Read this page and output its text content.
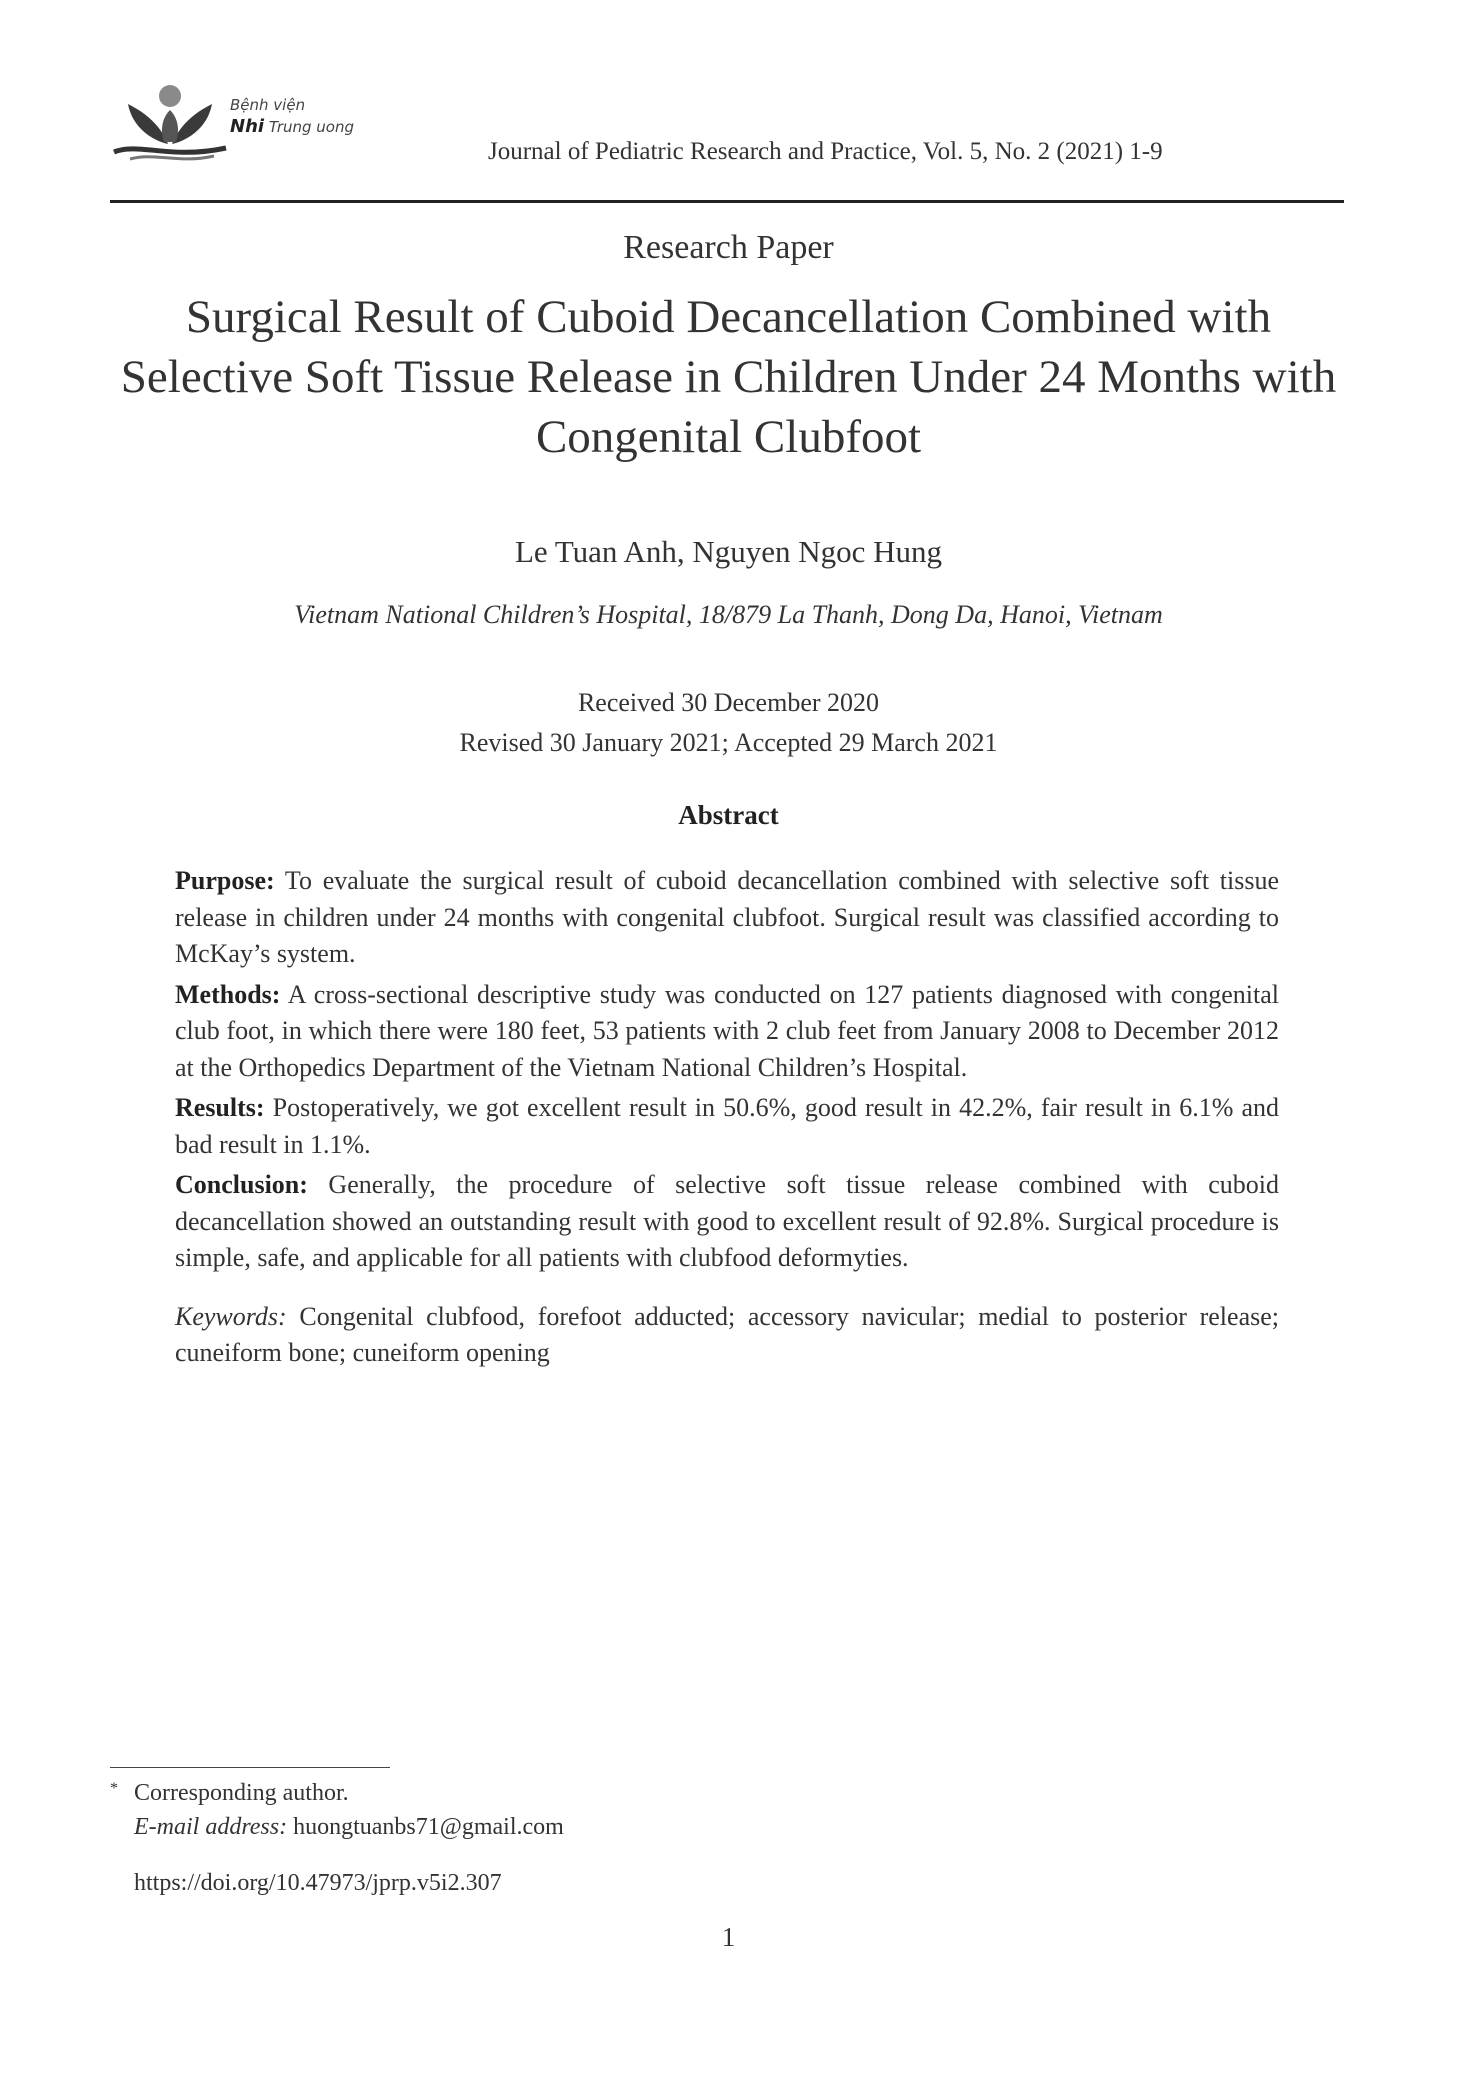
Bệnh viện
Nhi Trung uong
Journal of Pediatric Research and Practice, Vol. 5, No. 2 (2021) 1-9
Research Paper
Surgical Result of Cuboid Decancellation Combined with
Selective Soft Tissue Release in Children Under 24 Months with
Congenital Clubfoot
Le Tuan Anh, Nguyen Ngoc Hung
Vietnam National Children’s Hospital, 18/879 La Thanh, Dong Da, Hanoi, Vietnam
Received 30 December 2020
Revised 30 January 2021; Accepted 29 March 2021
Abstract

Purpose: To evaluate the surgical result of cuboid decancellation combined with selective soft tissue release in children under 24 months with congenital clubfoot. Surgical result was classified according to McKay’s system.

Methods: A cross-sectional descriptive study was conducted on 127 patients diagnosed with congenital club foot, in which there were 180 feet, 53 patients with 2 club feet from January 2008 to December 2012 at the Orthopedics Department of the Vietnam National Children’s Hospital.

Results: Postoperatively, we got excellent result in 50.6%, good result in 42.2%, fair result in 6.1% and bad result in 1.1%.

Conclusion: Generally, the procedure of selective soft tissue release combined with cuboid decancellation showed an outstanding result with good to excellent result of 92.8%. Surgical procedure is simple, safe, and applicable for all patients with clubfood deformyties.

Keywords: Congenital clubfood, forefoot adducted; accessory navicular; medial to posterior release; cuneiform bone; cuneiform opening

* Corresponding author.
E-mail address: huongtuanbs71@gmail.com
https://doi.org/10.47973/jprp.v5i2.307
1
